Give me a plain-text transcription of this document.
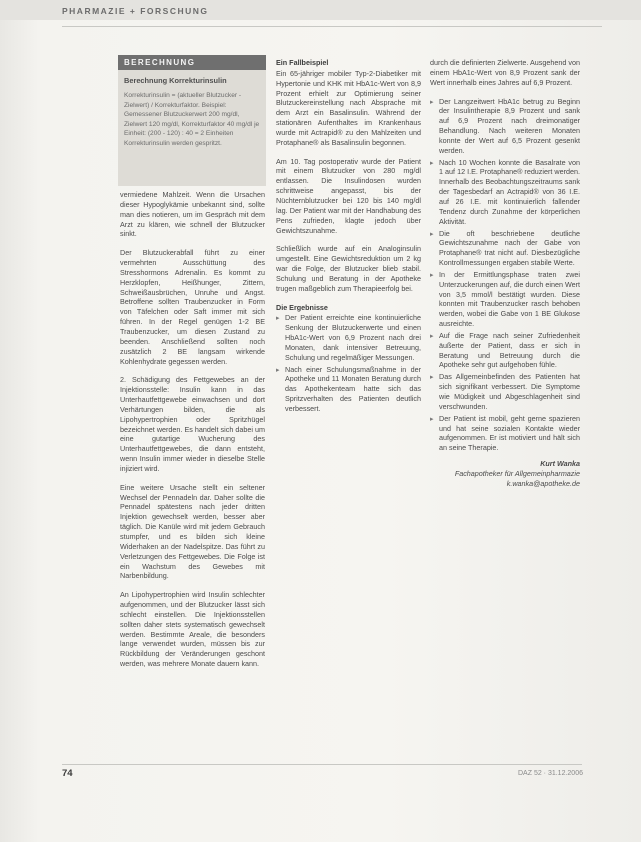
PHARMAZIE + FORSCHUNG
BERECHNUNG
Berechnung Korrekturinsulin
Korrekturinsulin = (aktueller Blutzucker - Zielwert) / Korrekturfaktor. Beispiel: Gemessener Blutzuckerwert 200 mg/dl, Zielwert 120 mg/dl, Korrekturfaktor 40 mg/dl je Einheit: (200 - 120) : 40 = 2 Einheiten Korrekturinsulin werden gespritzt.

vermiedene Mahlzeit. Wenn die Ursachen dieser Hypoglykämie unbekannt sind, sollte man dies notieren, um im Gespräch mit dem Arzt zu klären, wie schnell der Blutzucker sinkt.

Der Blutzuckerabfall führt zu einer vermehrten Ausschüttung des Stresshormons Adrenalin. Es kommt zu Herzklopfen, Heißhunger, Zittern, Schweißausbrüchen, Unruhe und Angst. Betroffene sollten Traubenzucker in Form von Täfelchen oder Saft immer mit sich führen. In der Regel genügen 1-2 BE Traubenzucker, um diesen Zustand zu beenden. Anschließend sollten noch zusätzlich 2 BE langsam wirkende Kohlenhydrate gegessen werden.

2. Schädigung des Fettgewebes an der Injektionsstelle: Insulin kann in das Unterhautfettgewebe einwachsen und dort Verhärtungen bilden, die als Lipohypertrophien oder Spritzhügel bezeichnet werden. Es handelt sich dabei um eine gutartige Wucherung des Unterhautfettgewebes, die dann entsteht, wenn Insulin immer wieder in dieselbe Stelle injiziert wird.

Eine weitere Ursache stellt ein seltener Wechsel der Pennadeln dar. Daher sollte die Pennadel spätestens nach jeder dritten Injektion gewechselt werden, besser aber täglich. Die Kanüle wird mit jedem Gebrauch stumpfer, und es bilden sich kleine Widerhaken an der Nadelspitze. Das führt zu Verletzungen des Fettgewebes. Die Folge ist ein Wachstum des Gewebes mit Narbenbildung.

An Lipohypertrophien wird Insulin schlechter aufgenommen, und der Blutzucker lässt sich schlecht einstellen. Die Injektionsstellen sollten daher stets systematisch gewechselt werden. Bestimmte Areale, die besonders lange verwendet wurden, müssen bis zur Rückbildung der Veränderungen geschont werden, was mehrere Monate dauern kann.

Ein Fallbeispiel

Ein 65-jähriger mobiler Typ-2-Diabetiker mit Hypertonie und KHK mit HbA1c-Wert von 8,9 Prozent erhielt zur Optimierung seiner Blutzuckereinstellung nach Absprache mit dem Arzt ein Basalinsulin. Während der stationären Aufenthaltes im Krankenhaus wurde mit Actrapid® zu den Mahlzeiten und Protaphane® als Basalinsulin begonnen.

Am 10. Tag postoperativ wurde der Patient mit einem Blutzucker von 280 mg/dl entlassen. Die Insulindosen wurden schrittweise angepasst, bis der Nüchternblutzucker bei 120 bis 140 mg/dl lag. Der Patient war mit der Handhabung des Pens zufrieden, klagte jedoch über Gewichtszunahme.

Schließlich wurde auf ein Analoginsulin umgestellt. Eine Gewichtsreduktion um 2 kg war die Folge, der Blutzucker blieb stabil. Schulung und Beratung in der Apotheke trugen maßgeblich zum Therapieerfolg bei.

Die Ergebnisse
▸ Der Patient erreichte eine kontinuierliche Senkung der Blutzuckerwerte und einen HbA1c-Wert von 6,9 Prozent nach drei Monaten, dank intensiver Betreuung, Schulung und regelmäßiger Messungen.
▸ Nach einer Schulungsmaßnahme in der Apotheke und 11 Monaten Beratung durch das Apothekenteam hatte sich das Spritzverhalten des Patienten deutlich verbessert.

durch die definierten Zielwerte. Ausgehend von einem HbA1c-Wert von 8,9 Prozent sank der Wert innerhalb eines Jahres auf 6,9 Prozent.

▸ Der Langzeitwert HbA1c betrug zu Beginn der Insulintherapie 8,9 Prozent und sank auf 6,9 Prozent nach dreimonatiger Behandlung. Nach weiteren Monaten konnte der Wert auf 6,5 Prozent gesenkt werden.
▸ Nach 10 Wochen konnte die Basalrate von 1 auf 12 I.E. Protaphane® reduziert werden. Innerhalb des Beobachtungszeitraums sank der Tagesbedarf an Actrapid® von 36 I.E. auf 26 I.E. mit kontinuierlich fallender Tendenz durch Zunahme der körperlichen Aktivität.
▸ Die oft beschriebene deutliche Gewichtszunahme nach der Gabe von Protaphane® trat nicht auf. Diesbezügliche Kontrollmessungen ergaben stabile Werte.
▸ In der Ermittlungsphase traten zwei Unterzuckerungen auf, die durch einen Wert von 3,5 mmol/l bestätigt wurden. Diese konnten mit Traubenzucker rasch behoben werden, wobei die Gabe von 1 BE Glukose ausreichte.
▸ Auf die Frage nach seiner Zufriedenheit äußerte der Patient, dass er sich in Beratung und Betreuung durch die Apotheke sehr gut aufgehoben fühle.
▸ Das Allgemeinbefinden des Patienten hat sich signifikant verbessert. Die Symptome wie Müdigkeit und Abgeschlagenheit sind verschwunden.
▸ Der Patient ist mobil, geht gerne spazieren und hat seine sozialen Kontakte wieder aufgenommen. Er ist motiviert und hält sich an seine Therapie.
Kurt Wanka
Fachapotheker für Allgemeinpharmazie
k.wanka@apotheke.de
74	DAZ 52 · 31.12.2006
